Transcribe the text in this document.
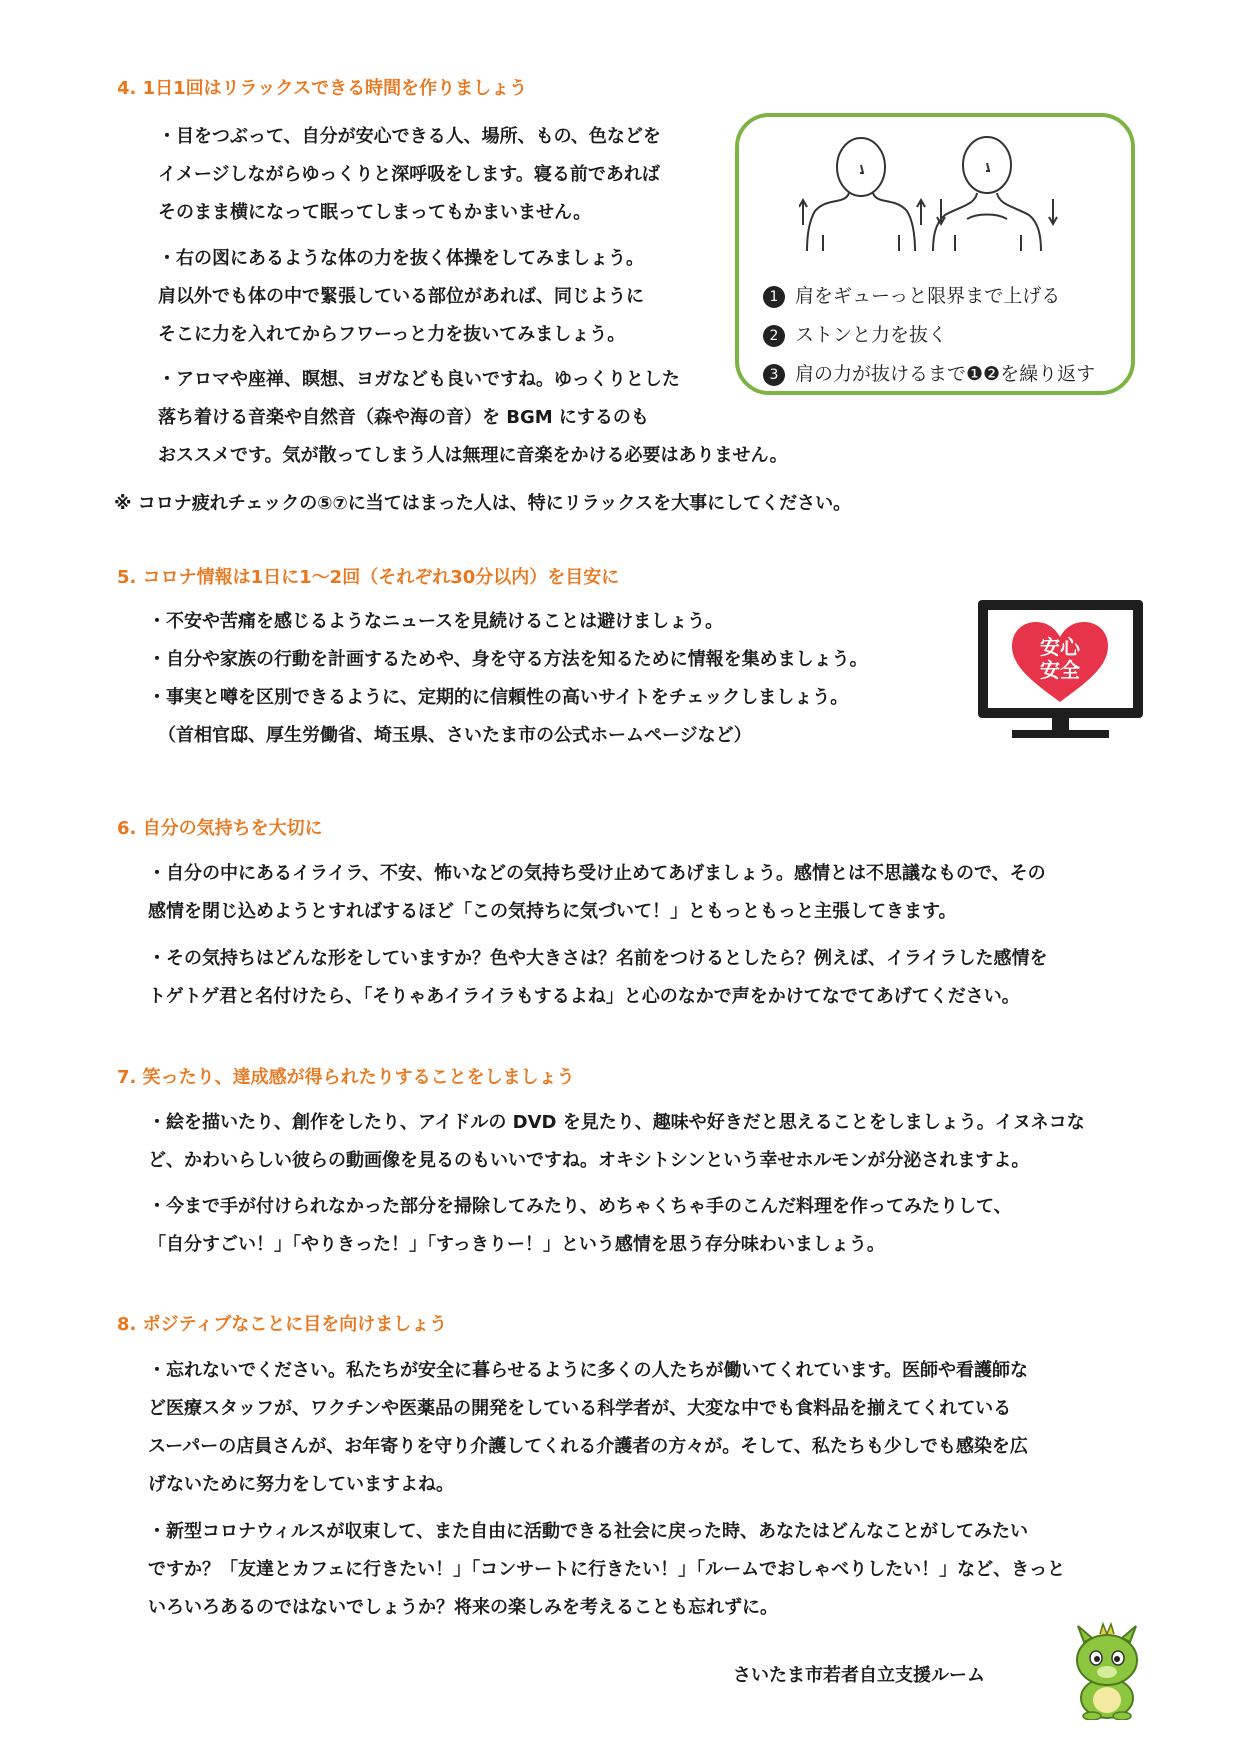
4. 1日1回はリラックスできる時間を作りましょう

・目をつぶって、自分が安心できる人、場所、もの、色などを

イメージしながらゆっくりと深呼吸をします。寝る前であれば

そのまま横になって眠ってしまってもかまいません。

・右の図にあるような体の力を抜く体操をしてみましょう。

肩以外でも体の中で緊張している部位があれば、同じように

そこに力を入れてからフワーっと力を抜いてみましょう。

・アロマや座禅、瞑想、ヨガなども良いですね。ゆっくりとした

落ち着ける音楽や自然音（森や海の音）を BGM にするのも

おススメです。気が散ってしまう人は無理に音楽をかける必要はありません。

※ コロナ疲れチェックの⑤⑦に当てはまった人は、特にリラックスを大事にしてください。
1 肩をギューっと限界まで上げる
2 ストンと力を抜く
3 肩の力が抜けるまで❶❷を繰り返す
5. コロナ情報は1日に1～2回（それぞれ30分以内）を目安に

・不安や苦痛を感じるようなニュースを見続けることは避けましょう。

・自分や家族の行動を計画するためや、身を守る方法を知るために情報を集めましょう。

・事実と噂を区別できるように、定期的に信頼性の高いサイトをチェックしましょう。

（首相官邸、厚生労働省、埼玉県、さいたま市の公式ホームページなど）

安心
安全
6. 自分の気持ちを大切に

・自分の中にあるイライラ、不安、怖いなどの気持ち受け止めてあげましょう。感情とは不思議なもので、その

感情を閉じ込めようとすればするほど「この気持ちに気づいて！」ともっともっと主張してきます。

・その気持ちはどんな形をしていますか？色や大きさは？名前をつけるとしたら？例えば、イライラした感情を

トゲトゲ君と名付けたら、「そりゃあイライラもするよね」と心のなかで声をかけてなでてあげてください。

7. 笑ったり、達成感が得られたりすることをしましょう

・絵を描いたり、創作をしたり、アイドルの DVD を見たり、趣味や好きだと思えることをしましょう。イヌネコな

ど、かわいらしい彼らの動画像を見るのもいいですね。オキシトシンという幸せホルモンが分泌されますよ。

・今まで手が付けられなかった部分を掃除してみたり、めちゃくちゃ手のこんだ料理を作ってみたりして、

「自分すごい！」「やりきった！」「すっきりー！」という感情を思う存分味わいましょう。

8. ポジティブなことに目を向けましょう

・忘れないでください。私たちが安全に暮らせるように多くの人たちが働いてくれています。医師や看護師な

ど医療スタッフが、ワクチンや医薬品の開発をしている科学者が、大変な中でも食料品を揃えてくれている

スーパーの店員さんが、お年寄りを守り介護してくれる介護者の方々が。そして、私たちも少しでも感染を広

げないために努力をしていますよね。

・新型コロナウィルスが収束して、また自由に活動できる社会に戻った時、あなたはどんなことがしてみたい

ですか？「友達とカフェに行きたい！」「コンサートに行きたい！」「ルームでおしゃべりしたい！」など、きっと

いろいろあるのではないでしょうか？将来の楽しみを考えることも忘れずに。

さいたま市若者自立支援ルーム
